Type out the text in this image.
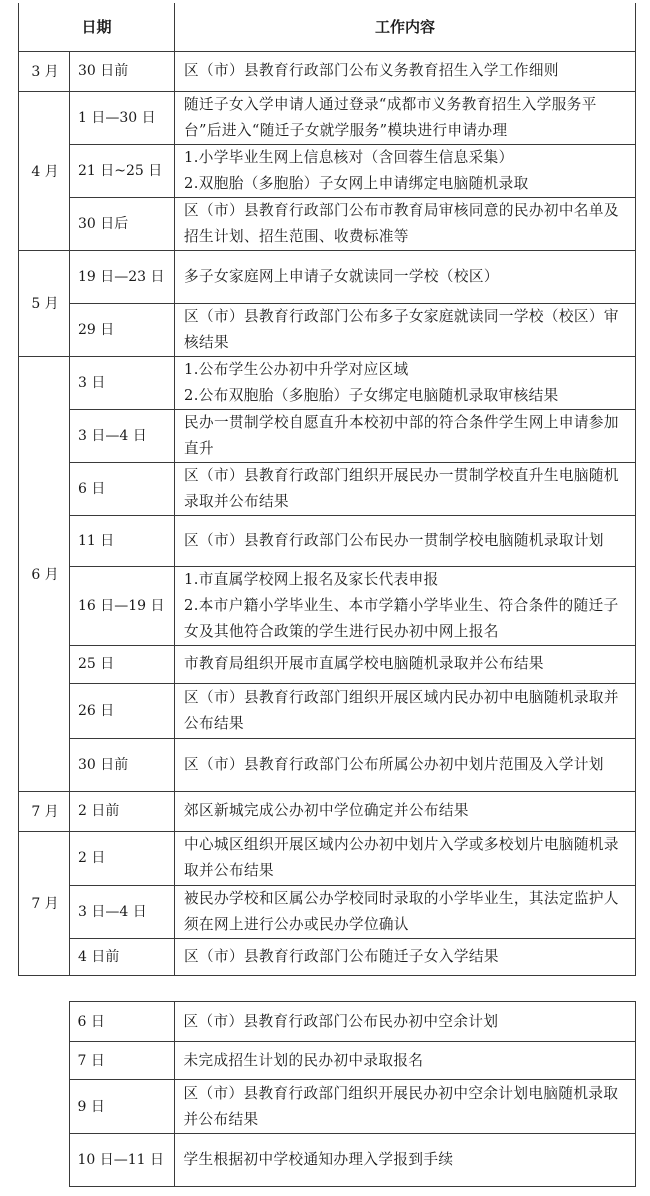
日期		工作内容
3 月	30 日前	区（市）县教育行政部门公布义务教育招生入学工作细则

4 月	1 日—30 日	随迁子女入学申请人通过登录“成都市义务教育招生入学服务平台”后进入“随迁子女就学服务”模块进行申请办理

	21 日~25 日	1.小学毕业生网上信息核对（含回蓉生信息采集）
2.双胞胎（多胞胎）子女网上申请绑定电脑随机录取

	30 日后	区（市）县教育行政部门公布市教育局审核同意的民办初中名单及招生计划、招生范围、收费标准等

5 月	19 日—23 日	多子女家庭网上申请子女就读同一学校（校区）

	29 日	区（市）县教育行政部门公布多子女家庭就读同一学校（校区）审核结果

6 月	3 日	1.公布学生公办初中升学对应区域
2.公布双胞胎（多胞胎）子女绑定电脑随机录取审核结果

	3 日—4 日	民办一贯制学校自愿直升本校初中部的符合条件学生网上申请参加直升

	6 日	区（市）县教育行政部门组织开展民办一贯制学校直升生电脑随机录取并公布结果

	11 日	区（市）县教育行政部门公布民办一贯制学校电脑随机录取计划

	16 日—19 日	1.市直属学校网上报名及家长代表申报
2.本市户籍小学毕业生、本市学籍小学毕业生、符合条件的随迁子女及其他符合政策的学生进行民办初中网上报名

	25 日	市教育局组织开展市直属学校电脑随机录取并公布结果

	26 日	区（市）县教育行政部门组织开展区域内民办初中电脑随机录取并公布结果

	30 日前	区（市）县教育行政部门公布所属公办初中划片范围及入学计划

7 月	2 日前	郊区新城完成公办初中学位确定并公布结果

7 月	2 日	中心城区组织开展区域内公办初中划片入学或多校划片电脑随机录取并公布结果

	3 日—4 日	被民办学校和区属公办学校同时录取的小学毕业生，其法定监护人须在网上进行公办或民办学位确认

	4 日前	区（市）县教育行政部门公布随迁子女入学结果
	6 日	区（市）县教育行政部门公布民办初中空余计划

	7 日	未完成招生计划的民办初中录取报名

	9 日	区（市）县教育行政部门组织开展民办初中空余计划电脑随机录取并公布结果

	10 日—11 日	学生根据初中学校通知办理入学报到手续
